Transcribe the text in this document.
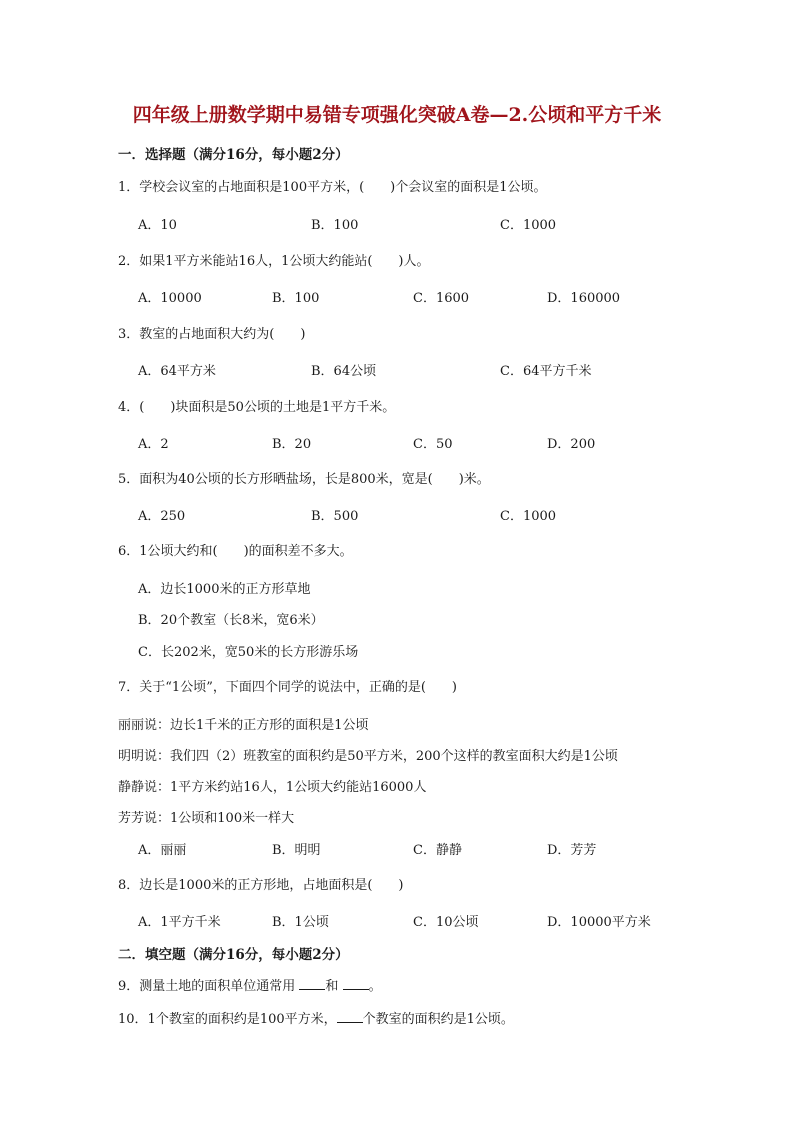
四年级上册数学期中易错专项强化突破A卷—2.公顷和平方千米
一．选择题（满分16分，每小题2分）
1．学校会议室的占地面积是100平方米，(　　)个会议室的面积是1公顷。
A．10	B．100	C．1000
2．如果1平方米能站16人，1公顷大约能站(　　)人。
A．10000	B．100	C．1600	D．160000
3．教室的占地面积大约为(　　)
A．64平方米	B．64公顷	C．64平方千米
4．(　　)块面积是50公顷的土地是1平方千米。
A．2	B．20	C．50	D．200
5．面积为40公顷的长方形晒盐场，长是800米，宽是(　　)米。
A．250	B．500	C．1000
6．1公顷大约和(　　)的面积差不多大。
A．边长1000米的正方形草地
B．20个教室（长8米，宽6米）
C．长202米，宽50米的长方形游乐场
7．关于“1公顷”，下面四个同学的说法中，正确的是(　　)
丽丽说：边长1千米的正方形的面积是1公顷
明明说：我们四（2）班教室的面积约是50平方米，200个这样的教室面积大约是1公顷
静静说：1平方米约站16人，1公顷大约能站16000人
芳芳说：1公顷和100米一样大
A．丽丽	B．明明	C．静静	D．芳芳
8．边长是1000米的正方形地，占地面积是(　　)
A．1平方千米	B．1公顷	C．10公顷	D．10000平方米
二．填空题（满分16分，每小题2分）
9．测量土地的面积单位通常用 和 。
10．1个教室的面积约是100平方米， 个教室的面积约是1公顷。
